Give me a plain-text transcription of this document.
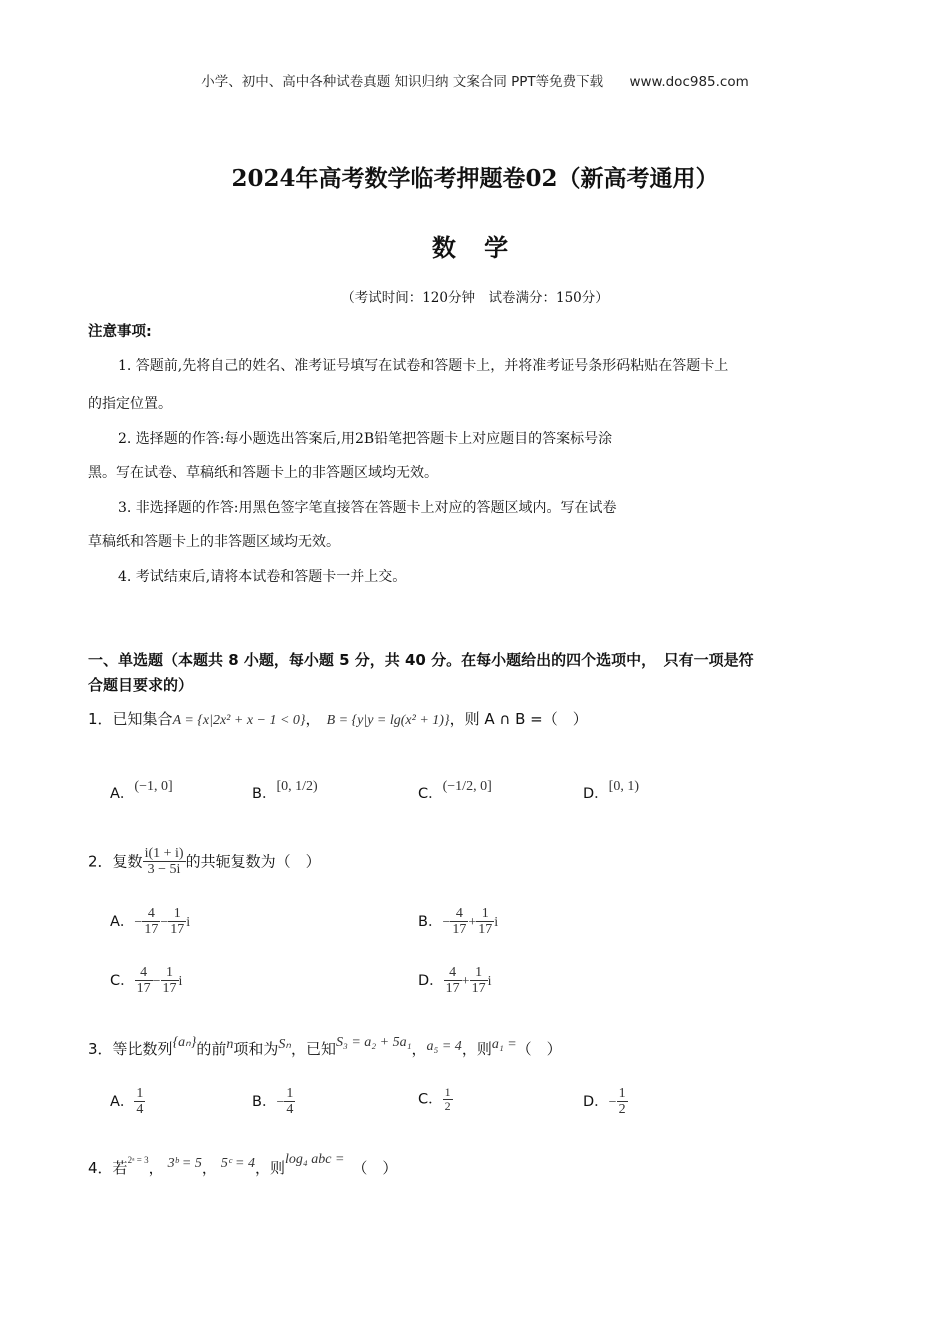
小学、初中、高中各种试卷真题 知识归纳 文案合同 PPT等免费下载 www.doc985.com
2024年高考数学临考押题卷02（新高考通用）
数 学
（考试时间：120分钟　试卷满分：150分）
注意事项:
1. 答题前,先将自己的姓名、准考证号填写在试卷和答题卡上，并将准考证号条形码粘贴在答题卡上
的指定位置。
2. 选择题的作答:每小题选出答案后,用2B铅笔把答题卡上对应题目的答案标号涂
黑。写在试卷、草稿纸和答题卡上的非答题区域均无效。
3. 非选择题的作答:用黑色签字笔直接答在答题卡上对应的答题区域内。写在试卷
草稿纸和答题卡上的非答题区域均无效。
4. 考试结束后,请将本试卷和答题卡一并上交。
一、单选题（本题共 8 小题，每小题 5 分，共 40 分。在每小题给出的四个选项中，　只有一项是符
合题目要求的）
1．已知集合A = {x|2x² + x − 1 < 0}， B = {y|y = lg(x² + 1)}，则 A ∩ B =（　）
A．(−1, 0]	B．[0, 1/2)	C．(−1/2, 0]	D．[0, 1)
2．复数 $\frac{i(1 + i)}{3 - 5i}$ 的共轭复数为（　）
A．− $\frac{4}{17} - \frac{1}{17}$ i	B．− $\frac{4}{17} + \frac{1}{17}$ i
C． $\frac{4}{17} - \frac{1}{17}$ i	D． $\frac{4}{17} + \frac{1}{17}$ i
3．等比数列{aₙ}的前n项和为Sₙ，已知S₃ = a₂ + 5a₁，a₅ = 4，则a₁ =（　）
A． $\frac{1}{4}$	B．− $\frac{1}{4}$	C． $\frac{1}{2}$	D．− $\frac{1}{2}$
4．若$^{2ᵃ = 3}$， 3ᵇ = 5， 5ᶜ = 4，则log₄ abc = （　）
